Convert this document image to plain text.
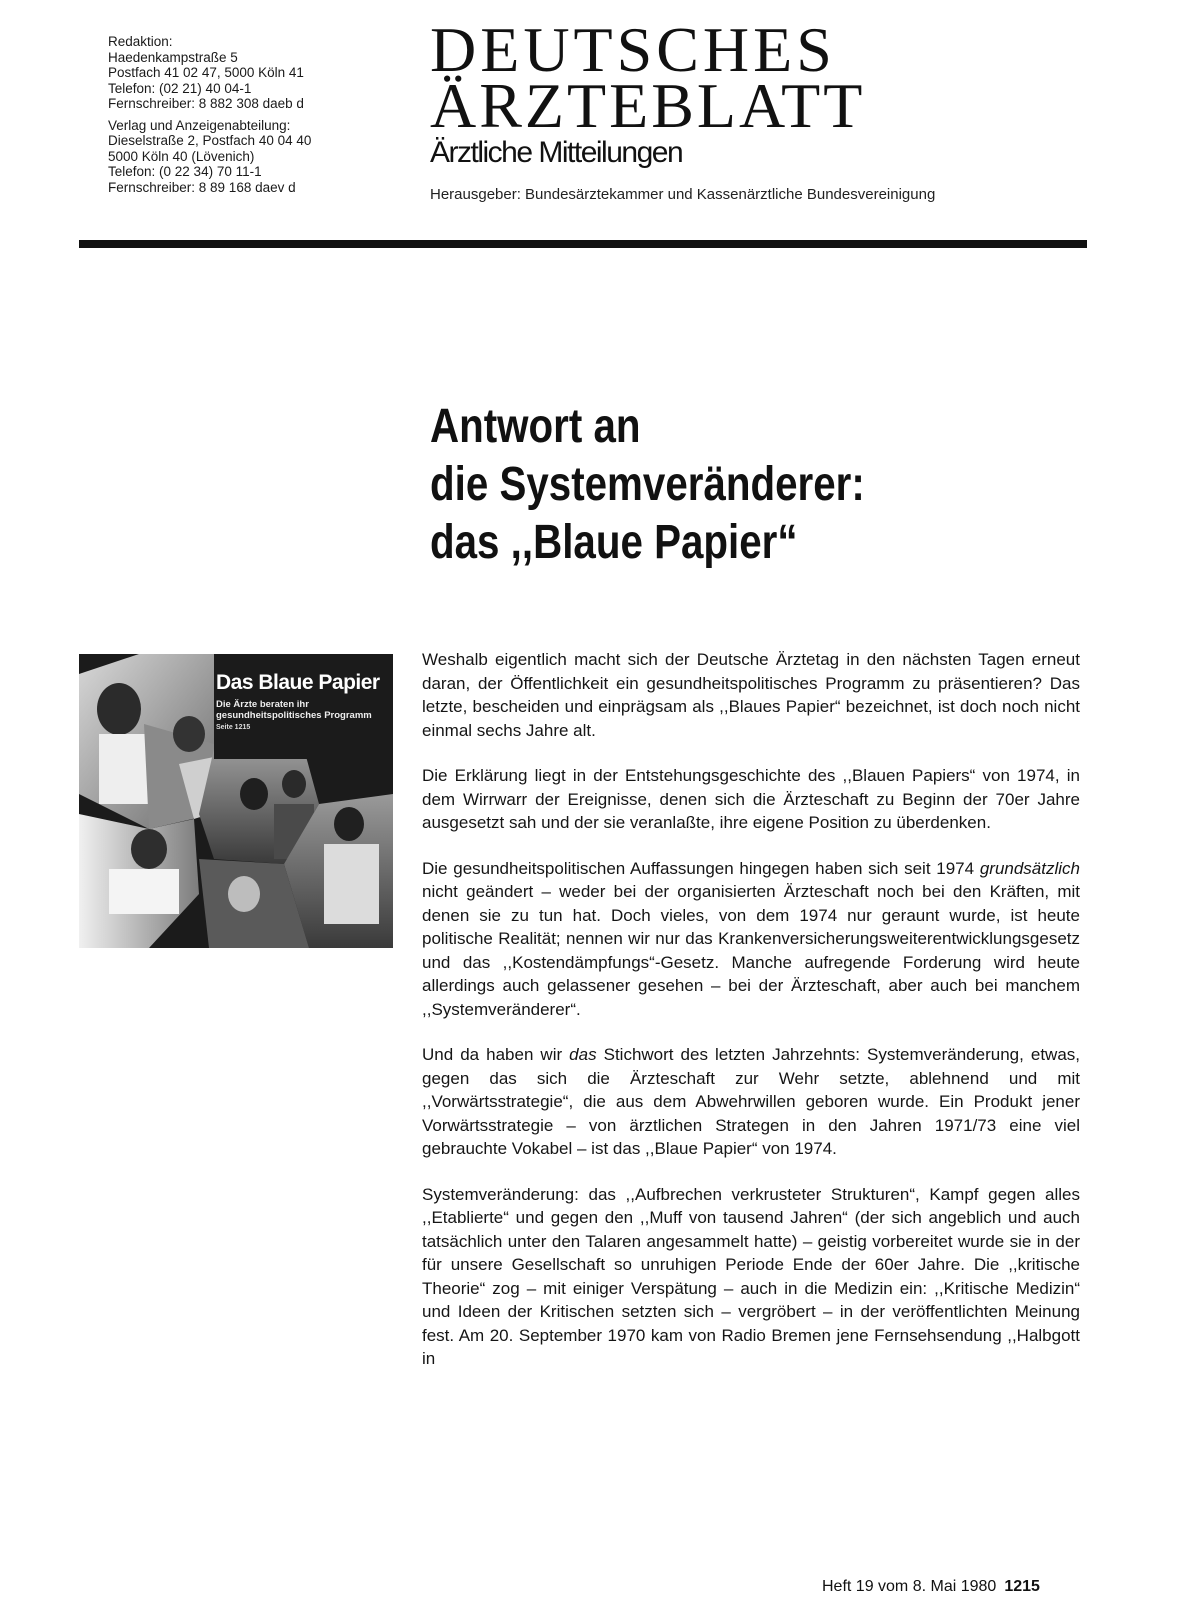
Redaktion:
Haedenkampstraße 5
Postfach 41 02 47, 5000 Köln 41
Telefon: (02 21) 40 04-1
Fernschreiber: 8 882 308 daeb d
Verlag und Anzeigenabteilung:
Dieselstraße 2, Postfach 40 04 40
5000 Köln 40 (Lövenich)
Telefon: (0 22 34) 70 11-1
Fernschreiber: 8 89 168 daev d
DEUTSCHES
ÄRZTEBLATT
Ärztliche Mitteilungen
Herausgeber: Bundesärztekammer und Kassenärztliche Bundesvereinigung
Antwort an
die Systemveränderer:
das ,,Blaue Papier“
Das Blaue Papier
Die Ärzte beraten ihr gesundheitspolitisches Programm
Seite 1215

Weshalb eigentlich macht sich der Deutsche Ärztetag in den nächsten Tagen erneut daran, der Öffentlichkeit ein gesundheitspolitisches Programm zu präsentieren? Das letzte, bescheiden und einprägsam als ,,Blaues Papier“ bezeichnet, ist doch noch nicht einmal sechs Jahre alt.

Die Erklärung liegt in der Entstehungsgeschichte des ,,Blauen Papiers“ von 1974, in dem Wirrwarr der Ereignisse, denen sich die Ärzteschaft zu Beginn der 70er Jahre ausgesetzt sah und der sie veranlaßte, ihre eigene Position zu überdenken.

Die gesundheitspolitischen Auffassungen hingegen haben sich seit 1974 grundsätzlich nicht geändert – weder bei der organisierten Ärzteschaft noch bei den Kräften, mit denen sie zu tun hat. Doch vieles, von dem 1974 nur geraunt wurde, ist heute politische Realität; nennen wir nur das Krankenversicherungsweiterentwicklungsgesetz und das ,,Kostendämpfungs“-Gesetz. Manche aufregende Forderung wird heute allerdings auch gelassener gesehen – bei der Ärzteschaft, aber auch bei manchem ,,Systemveränderer“.

Und da haben wir das Stichwort des letzten Jahrzehnts: Systemveränderung, etwas, gegen das sich die Ärzteschaft zur Wehr setzte, ablehnend und mit ,,Vorwärtsstrategie“, die aus dem Abwehrwillen geboren wurde. Ein Produkt jener Vorwärtsstrategie – von ärztlichen Strategen in den Jahren 1971/73 eine viel gebrauchte Vokabel – ist das ,,Blaue Papier“ von 1974.

Systemveränderung: das ,,Aufbrechen verkrusteter Strukturen“, Kampf gegen alles ,,Etablierte“ und gegen den ,,Muff von tausend Jahren“ (der sich angeblich und auch tatsächlich unter den Talaren angesammelt hatte) – geistig vorbereitet wurde sie in der für unsere Gesellschaft so unruhigen Periode Ende der 60er Jahre. Die ,,kritische Theorie“ zog – mit einiger Verspätung – auch in die Medizin ein: ,,Kritische Medizin“ und Ideen der Kritischen setzten sich – vergröbert – in der veröffentlichten Meinung fest. Am 20. September 1970 kam von Radio Bremen jene Fernsehsendung ,,Halbgott in

Heft 19 vom 8. Mai 1980 1215
